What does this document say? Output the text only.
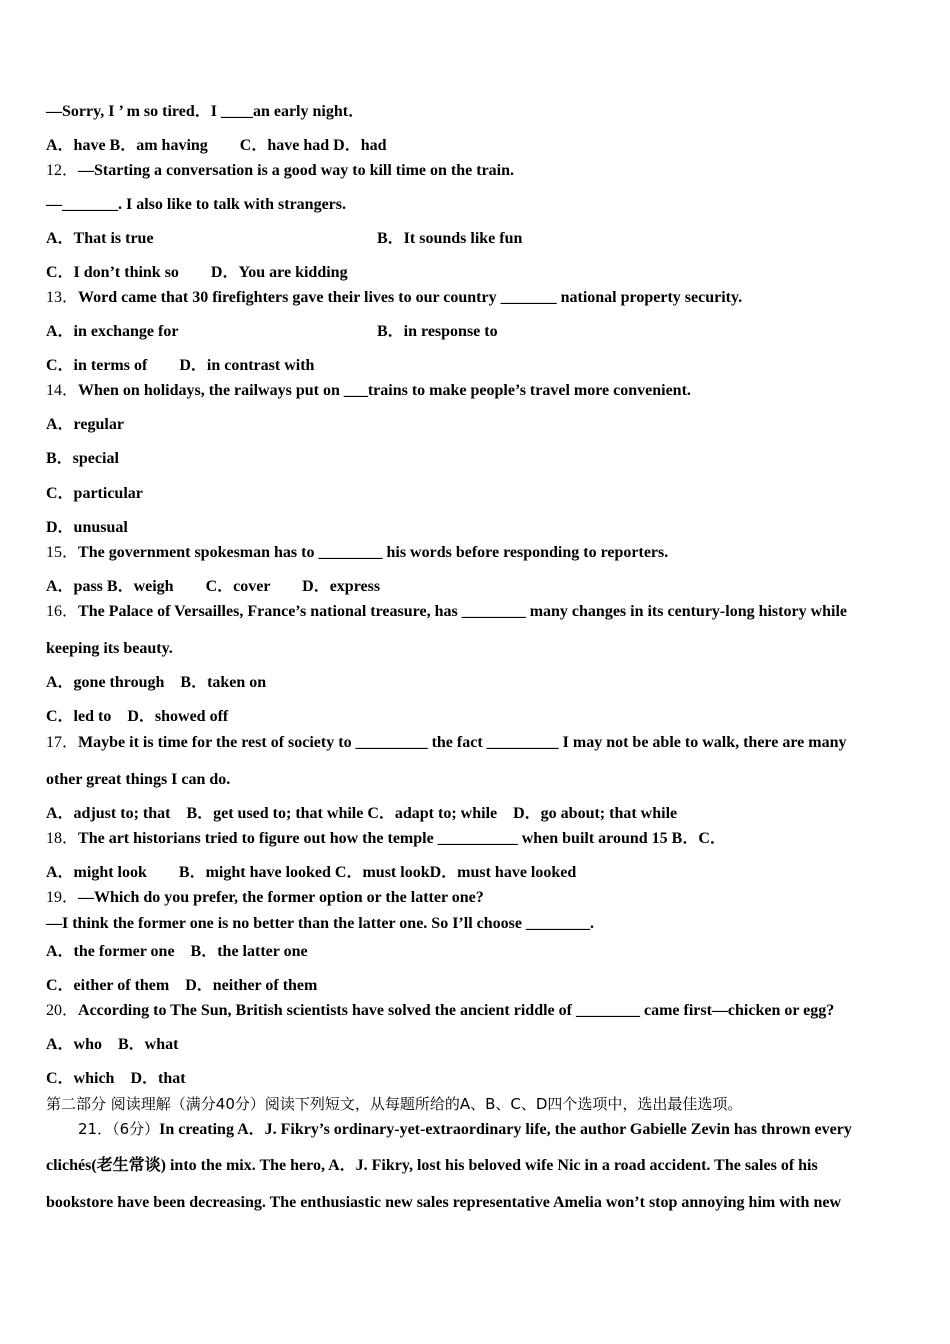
—Sorry, I ’ m so tired．I ____an early night．
A．have B．am having　　C．have had D．had
12．—Starting a conversation is a good way to kill time on the train.
—_______. I also like to talk with strangers.
A．That is true	B．It sounds like fun
C．I don’t think so　　D．You are kidding
13．Word came that 30 firefighters gave their lives to our country _______ national property security.
A．in exchange for	B．in response to
C．in terms of　　D．in contrast with
14．When on holidays, the railways put on ___trains to make people’s travel more convenient.
A．regular
B．special
C．particular
D．unusual
15．The government spokesman has to ________ his words before responding to reporters.
A．pass B．weigh　　C．cover　　D．express
16．The Palace of Versailles, France’s national treasure, has ________ many changes in its century-long history while
keeping its beauty.
A．gone through　B．taken on
C．led to　D．showed off
17．Maybe it is time for the rest of society to _________ the fact _________ I may not be able to walk, there are many
other great things I can do.
A．adjust to; that　B．get used to; that while C．adapt to; while　D．go about; that while
18．The art historians tried to figure out how the temple __________ when built around 15 B．C．
A．might look　　B．might have looked C．must lookD．must have looked
19．—Which do you prefer, the former option or the latter one?
—I think the former one is no better than the latter one. So I’ll choose ________.
A．the former one　B．the latter one
C．either of them　D．neither of them
20．According to The Sun, British scientists have solved the ancient riddle of ________ came first—chicken or egg?
A．who　B．what
C．which　D．that
第二部分 阅读理解（满分40分）阅读下列短文，从每题所给的A、B、C、D四个选项中，选出最佳选项。
21．（6分）In creating A．J. Fikry’s ordinary-yet-extraordinary life, the author Gabielle Zevin has thrown every
clichés(老生常谈) into the mix. The hero, A．J. Fikry, lost his beloved wife Nic in a road accident. The sales of his
bookstore have been decreasing. The enthusiastic new sales representative Amelia won’t stop annoying him with new
